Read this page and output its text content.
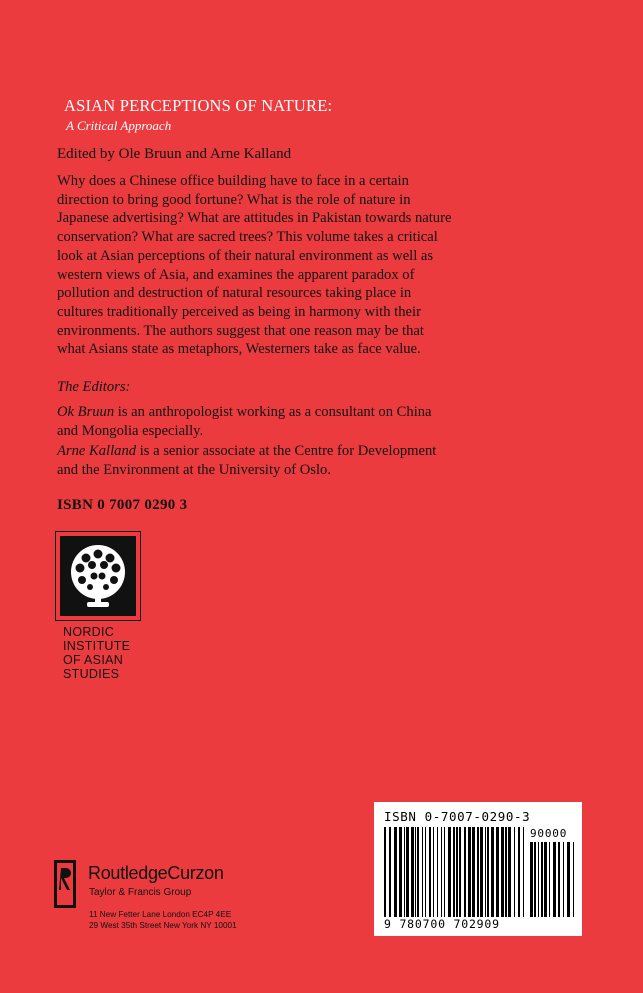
ASIAN PERCEPTIONS OF NATURE:
A Critical Approach
Edited by Ole Bruun and Arne Kalland
Why does a Chinese office building have to face in a certain direction to bring good fortune? What is the role of nature in Japanese advertising? What are attitudes in Pakistan towards nature conservation? What are sacred trees? This volume takes a critical look at Asian perceptions of their natural environment as well as western views of Asia, and examines the apparent paradox of pollution and destruction of natural resources taking place in cultures traditionally perceived as being in harmony with their environments. The authors suggest that one reason may be that what Asians state as metaphors, Westerners take as face value.
The Editors:
Ok Bruun is an anthropologist working as a consultant on China and Mongolia especially.
Arne Kalland is a senior associate at the Centre for Development and the Environment at the University of Oslo.
ISBN 0 7007 0290 3
NORDIC
INSTITUTE
OF ASIAN
STUDIES
RoutledgeCurzon
Taylor & Francis Group
11 New Fetter Lane London EC4P 4EE
29 West 35th Street New York NY 10001
ISBN 0-7007-0290-3
90000
9 780700 702909
